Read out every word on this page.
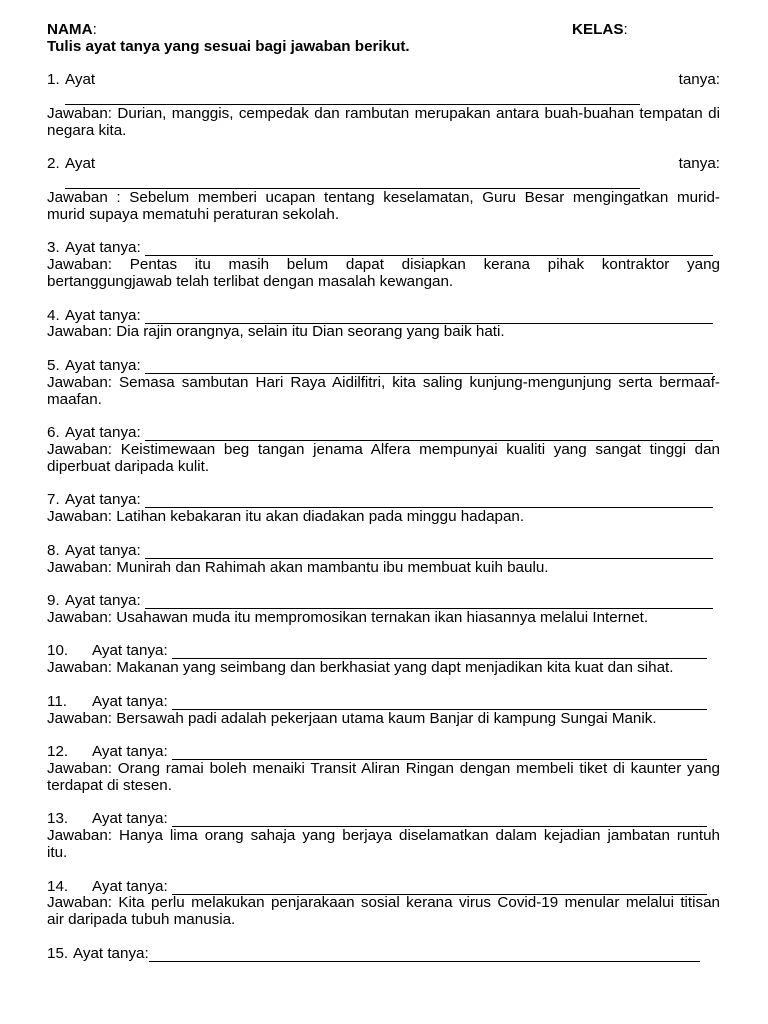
NAMA:	KELAS:
Tulis ayat tanya yang sesuai bagi jawaban berikut.
1. Ayat tanya:
Jawaban: Durian, manggis, cempedak dan rambutan merupakan antara buah-buahan tempatan di
negara kita.
2. Ayat tanya:
Jawaban : Sebelum memberi ucapan tentang keselamatan, Guru Besar mengingatkan murid-
murid supaya mematuhi peraturan sekolah.
3. Ayat tanya:
Jawaban: Pentas itu masih belum dapat disiapkan kerana pihak kontraktor yang
bertanggungjawab telah terlibat dengan masalah kewangan.
4. Ayat tanya:
Jawaban: Dia rajin orangnya, selain itu Dian seorang yang baik hati.
5. Ayat tanya:
Jawaban: Semasa sambutan Hari Raya Aidilfitri, kita saling kunjung-mengunjung serta bermaaf-
maafan.
6. Ayat tanya:
Jawaban: Keistimewaan beg tangan jenama Alfera mempunyai kualiti yang sangat tinggi dan
diperbuat daripada kulit.
7. Ayat tanya:
Jawaban: Latihan kebakaran itu akan diadakan pada minggu hadapan.
8. Ayat tanya:
Jawaban: Munirah dan Rahimah akan mambantu ibu membuat kuih baulu.
9. Ayat tanya:
Jawaban: Usahawan muda itu mempromosikan ternakan ikan hiasannya melalui Internet.
10.	Ayat tanya:
Jawaban: Makanan yang seimbang dan berkhasiat yang dapt menjadikan kita kuat dan sihat.
11.	Ayat tanya:
Jawaban: Bersawah padi adalah pekerjaan utama kaum Banjar di kampung Sungai Manik.
12.	Ayat tanya:
Jawaban: Orang ramai boleh menaiki Transit Aliran Ringan dengan membeli tiket di kaunter yang
terdapat di stesen.
13.	Ayat tanya:
Jawaban: Hanya lima orang sahaja yang berjaya diselamatkan dalam kejadian jambatan runtuh
itu.
14.	Ayat tanya:
Jawaban: Kita perlu melakukan penjarakaan sosial kerana virus Covid-19 menular melalui titisan
air daripada tubuh manusia.
15. Ayat tanya:
